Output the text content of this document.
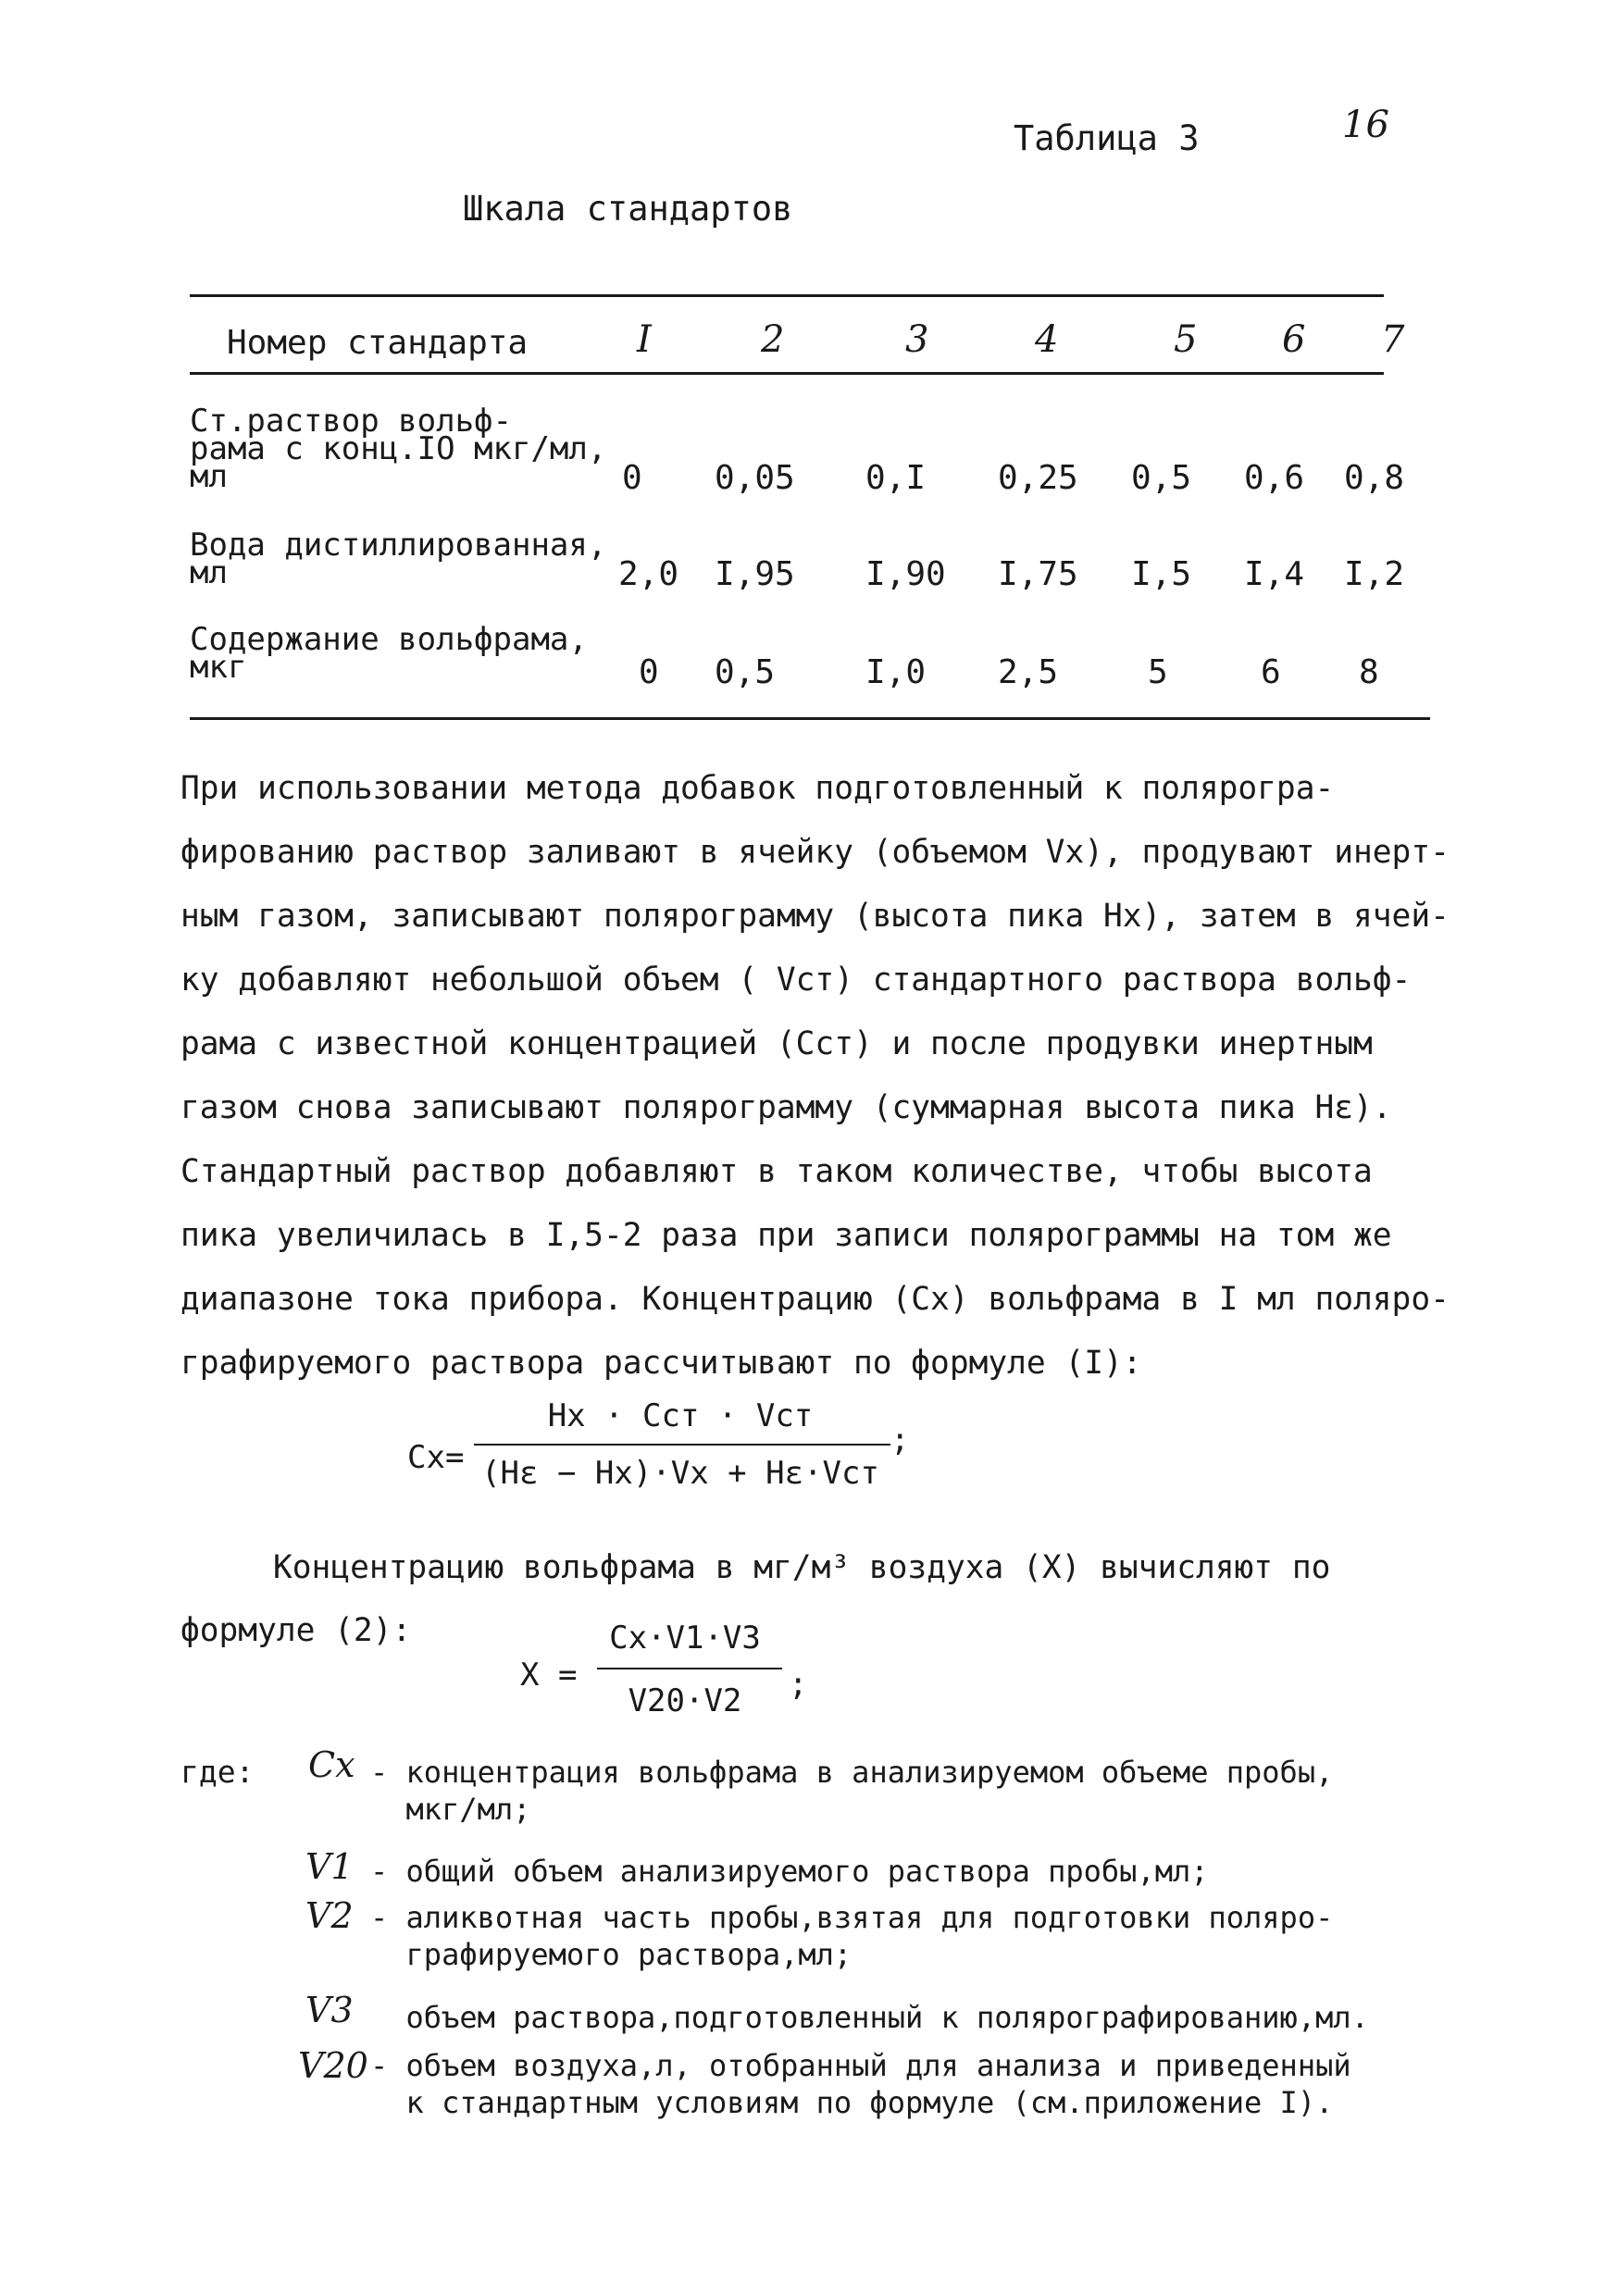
16
Таблица 3
Шкала стандартов
Номер стандарта	I	2	3	4	5 6 7
Ст.раствор вольф-
рама с конц.IO мкг/мл,
мл	0 0,05 0,I 0,25 0,5 0,6 0,8
Вода дистиллированная,
мл	2,0 I,95 I,90 I,75 I,5 I,4 I,2
Содержание вольфрама,
мкг	0 0,5	I,0 2,5	5	6 8
При использовании метода добавок подготовленный к полярогра-
фированию раствор заливают в ячейку (объемом Vx), продувают инерт-
ным газом, записывают полярограмму (высота пика Hx), затем в ячей-
ку добавляют небольшой объем ( Vст) стандартного раствора вольф-
рама с известной концентрацией (Cст) и после продувки инертным
газом снова записывают полярограмму (суммарная высота пика Hε).
Стандартный раствор добавляют в таком количестве, чтобы высота
пика увеличилась в I,5-2 раза при записи полярограммы на том же
диапазоне тока прибора. Концентрацию (Cx) вольфрама в I мл поляро-
графируемого раствора рассчитывают по формуле (I):
Cx=
Hx · Cст · Vст
(Hε − Hx)·Vx + Hε·Vст
;
Концентрацию вольфрама в мг/м³ воздуха (X) вычисляют по
формуле (2):
X =
Cx·V1·V3
V20·V2	;
где: Cx - концентрация вольфрама в анализируемом объеме пробы,
мкг/мл;
V1 - общий объем анализируемого раствора пробы,мл;
V2 - аликвотная часть пробы,взятая для подготовки поляро-
графируемого раствора,мл;
V3 объем раствора,подготовленный к полярографированию,мл.
V20 - объем воздуха,л, отобранный для анализа и приведенный
к стандартным условиям по формуле (см.приложение I).
